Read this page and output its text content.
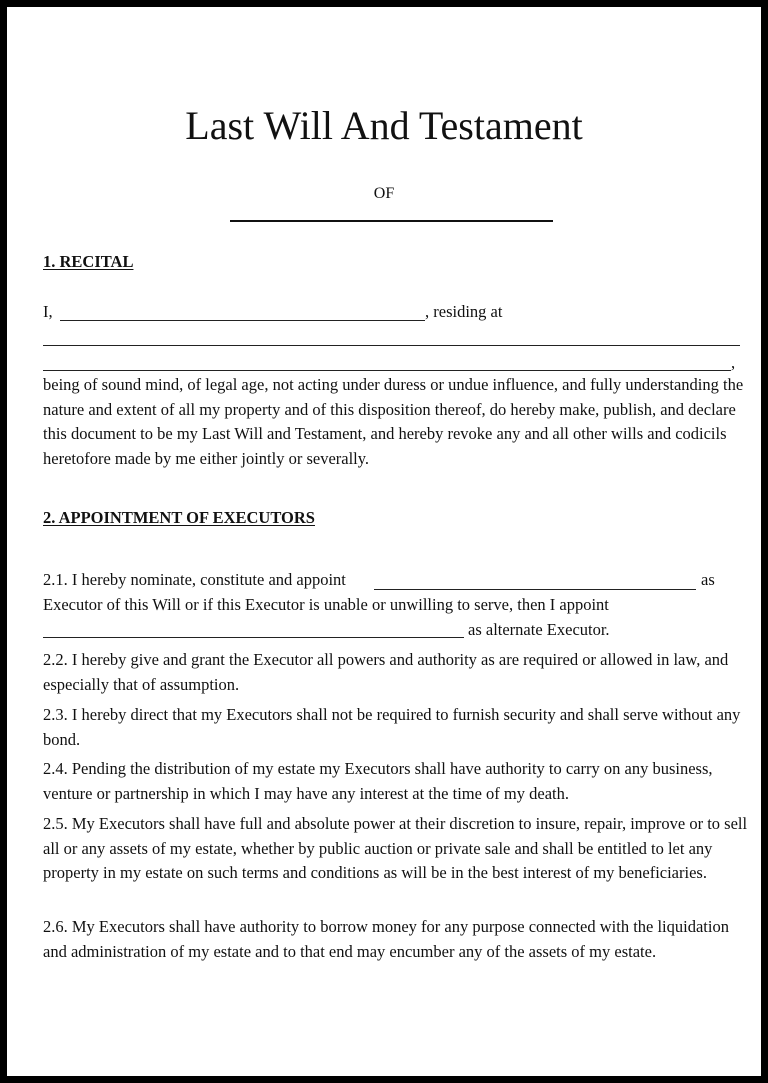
Last Will And Testament
OF
1. RECITAL
I,	, residing at
,
being of sound mind, of legal age, not acting under duress or undue influence, and fully understanding the nature and extent of all my property and of this disposition thereof, do hereby make, publish, and declare this document to be my Last Will and Testament, and hereby revoke any and all other wills and codicils heretofore made by me either jointly or severally.
2. APPOINTMENT OF EXECUTORS
2.1. I hereby nominate, constitute and appoint	as
Executor of this Will or if this Executor is unable or unwilling to serve, then I appoint
as alternate Executor.
2.2. I hereby give and grant the Executor all powers and authority as are required or allowed in law, and especially that of assumption.
2.3. I hereby direct that my Executors shall not be required to furnish security and shall serve without any bond.
2.4. Pending the distribution of my estate my Executors shall have authority to carry on any business, venture or partnership in which I may have any interest at the time of my death.
2.5. My Executors shall have full and absolute power at their discretion to insure, repair, improve or to sell all or any assets of my estate, whether by public auction or private sale and shall be entitled to let any property in my estate on such terms and conditions as will be in the best interest of my beneficiaries.
2.6. My Executors shall have authority to borrow money for any purpose connected with the liquidation and administration of my estate and to that end may encumber any of the assets of my estate.
